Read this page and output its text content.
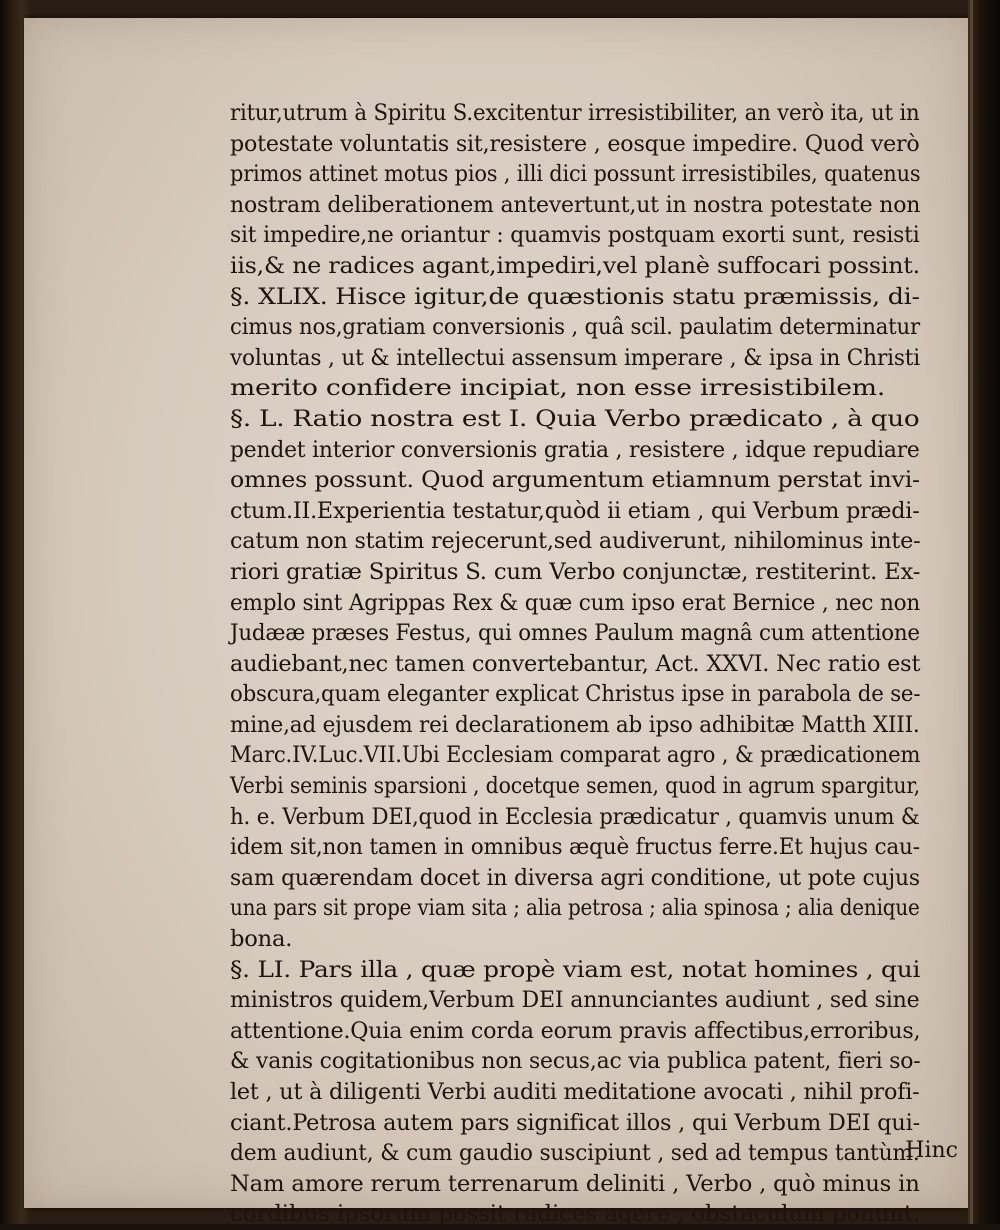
ritur,utrum à Spiritu S.excitentur irresistibiliter, an verò ita, ut in
potestate voluntatis sit,resistere , eosque impedire. Quod verò
primos attinet motus pios , illi dici possunt irresistibiles, quatenus
nostram deliberationem antevertunt,ut in nostra potestate non
sit impedire,ne oriantur : quamvis postquam exorti sunt, resisti
iis,& ne radices agant,impediri,vel planè suffocari possint.
§. XLIX. Hisce igitur,de quæstionis statu præmissis, di-
cimus nos,gratiam conversionis , quâ scil. paulatim determinatur
voluntas , ut & intellectui assensum imperare , & ipsa in Christi
merito confidere incipiat, non esse irresistibilem.
§. L. Ratio nostra est I. Quia Verbo prædicato , à quo
pendet interior conversionis gratia , resistere , idque repudiare
omnes possunt. Quod argumentum etiamnum perstat invi-
ctum.II.Experientia testatur,quòd ii etiam , qui Verbum prædi-
catum non statim rejecerunt,sed audiverunt, nihilominus inte-
riori gratiæ Spiritus S. cum Verbo conjunctæ, restiterint. Ex-
emplo sint Agrippas Rex & quæ cum ipso erat Bernice , nec non
Judææ præses Festus, qui omnes Paulum magnâ cum attentione
audiebant,nec tamen convertebantur, Act. XXVI. Nec ratio est
obscura,quam eleganter explicat Christus ipse in parabola de se-
mine,ad ejusdem rei declarationem ab ipso adhibitæ Matth XIII.
Marc.IV.Luc.VII.Ubi Ecclesiam comparat agro , & prædicationem
Verbi seminis sparsioni , docetque semen, quod in agrum spargitur,
h. e. Verbum DEI,quod in Ecclesia prædicatur , quamvis unum &
idem sit,non tamen in omnibus æquè fructus ferre.Et hujus cau-
sam quærendam docet in diversa agri conditione, ut pote cujus
una pars sit prope viam sita ; alia petrosa ; alia spinosa ; alia denique
bona.
§. LI. Pars illa , quæ propè viam est, notat homines , qui
ministros quidem,Verbum DEI annunciantes audiunt , sed sine
attentione.Quia enim corda eorum pravis affectibus,erroribus,
& vanis cogitationibus non secus,ac via publica patent, fieri so-
let , ut à diligenti Verbi auditi meditatione avocati , nihil profi-
ciant.Petrosa autem pars significat illos , qui Verbum DEI qui-
dem audiunt, & cum gaudio suscipiunt , sed ad tempus tantùm.
Nam amore rerum terrenarum deliniti , Verbo , quò minus in
cordibus ipsorum possit radices agere , obstaculum ponunt.
Hinc
